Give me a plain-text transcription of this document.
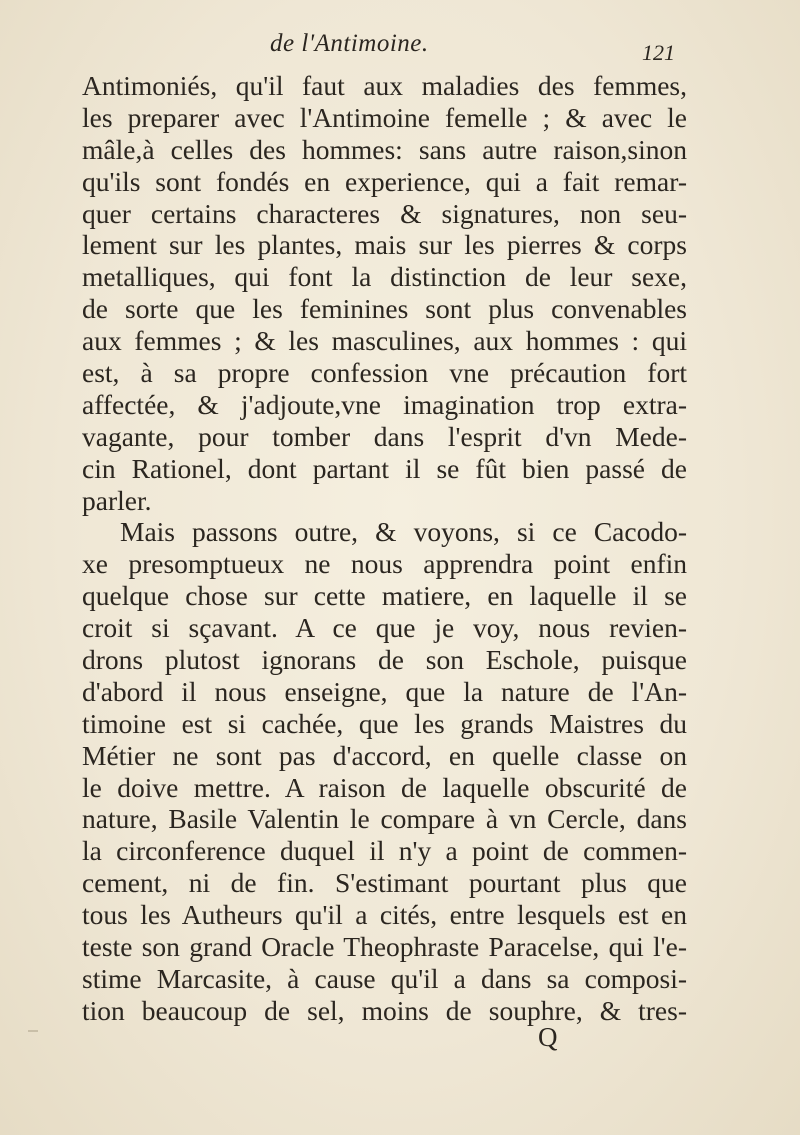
de l'Antimoine.	121
Antimoniés, qu'il faut aux maladies des femmes,
les preparer avec l'Antimoine femelle ; & avec le
mâle,à celles des hommes: sans autre raison,sinon
qu'ils sont fondés en experience, qui a fait remar-
quer certains characteres & signatures, non seu-
lement sur les plantes, mais sur les pierres & corps
metalliques, qui font la distinction de leur sexe,
de sorte que les feminines sont plus convenables
aux femmes ; & les masculines, aux hommes : qui
est, à sa propre confession vne précaution fort
affectée, & j'adjoute,vne imagination trop extra-
vagante, pour tomber dans l'esprit d'vn Mede-
cin Rationel, dont partant il se fût bien passé de
parler.
Mais passons outre, & voyons, si ce Cacodo-
xe presomptueux ne nous apprendra point enfin
quelque chose sur cette matiere, en laquelle il se
croit si sçavant. A ce que je voy, nous revien-
drons plutost ignorans de son Eschole, puisque
d'abord il nous enseigne, que la nature de l'An-
timoine est si cachée, que les grands Maistres du
Métier ne sont pas d'accord, en quelle classe on
le doive mettre. A raison de laquelle obscurité de
nature, Basile Valentin le compare à vn Cercle, dans
la circonference duquel il n'y a point de commen-
cement, ni de fin. S'estimant pourtant plus que
tous les Autheurs qu'il a cités, entre lesquels est en
teste son grand Oracle Theophraste Paracelse, qui l'e-
stime Marcasite, à cause qu'il a dans sa composi-
tion beaucoup de sel, moins de souphre, & tres-
Q
